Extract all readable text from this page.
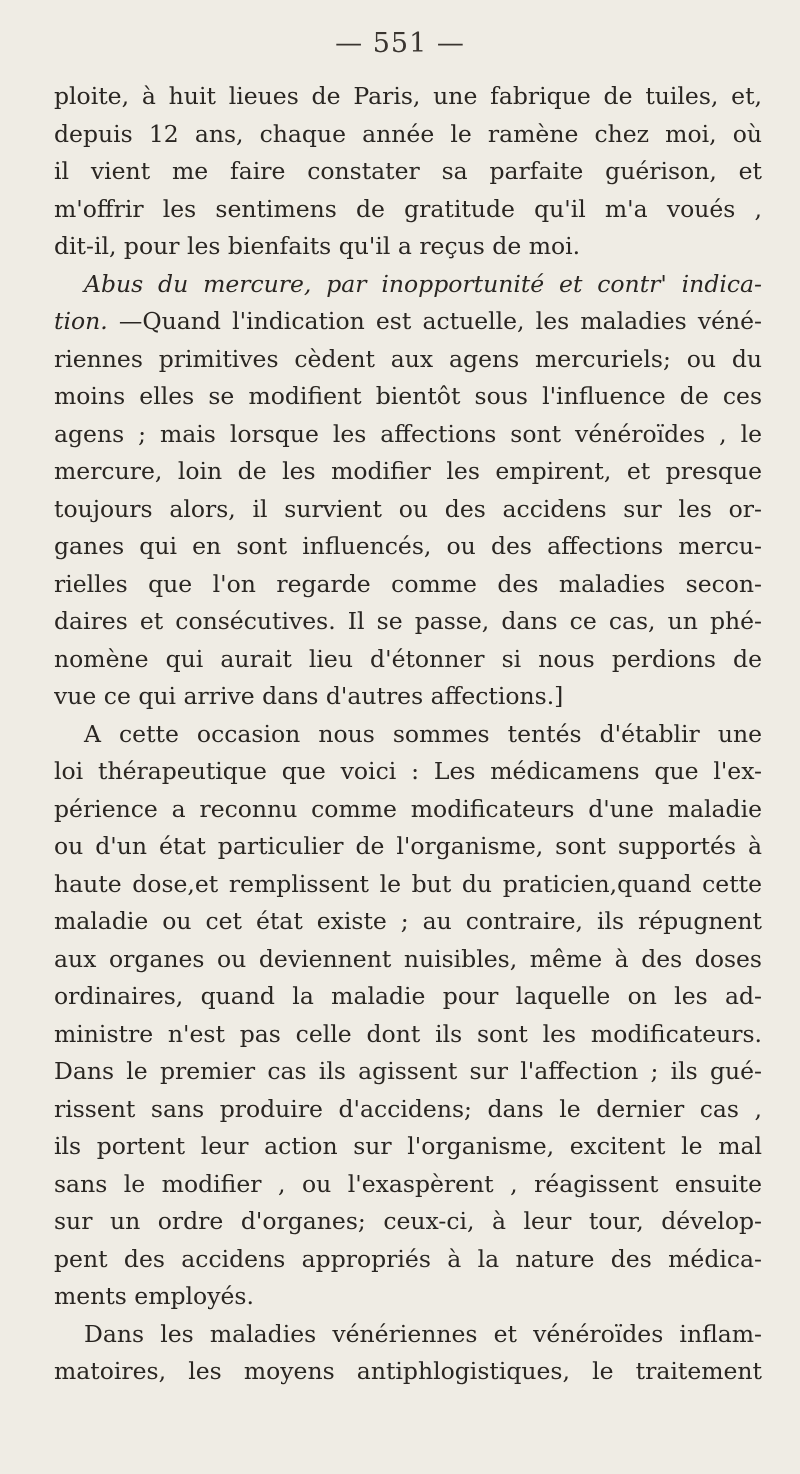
— 551 —
ploite, à huit lieues de Paris, une fabrique de tuiles, et,
depuis 12 ans, chaque année le ramène chez moi, où
il vient me faire constater sa parfaite guérison, et
m'offrir les sentimens de gratitude qu'il m'a voués ,
dit-il, pour les bienfaits qu'il a reçus de moi.
Abus du mercure, par inopportunité et contr' indica-
tion. —Quand l'indication est actuelle, les maladies véné-
riennes primitives cèdent aux agens mercuriels; ou du
moins elles se modifient bientôt sous l'influence de ces
agens ; mais lorsque les affections sont vénéroïdes , le
mercure, loin de les modifier les empirent, et presque
toujours alors, il survient ou des accidens sur les or-
ganes qui en sont influencés, ou des affections mercu-
rielles que l'on regarde comme des maladies secon-
daires et consécutives. Il se passe, dans ce cas, un phé-
nomène qui aurait lieu d'étonner si nous perdions de
vue ce qui arrive dans d'autres affections.]
A cette occasion nous sommes tentés d'établir une
loi thérapeutique que voici : Les médicamens que l'ex-
périence a reconnu comme modificateurs d'une maladie
ou d'un état particulier de l'organisme, sont supportés à
haute dose,et remplissent le but du praticien,quand cette
maladie ou cet état existe ; au contraire, ils répugnent
aux organes ou deviennent nuisibles, même à des doses
ordinaires, quand la maladie pour laquelle on les ad-
ministre n'est pas celle dont ils sont les modificateurs.
Dans le premier cas ils agissent sur l'affection ; ils gué-
rissent sans produire d'accidens; dans le dernier cas ,
ils portent leur action sur l'organisme, excitent le mal
sans le modifier , ou l'exaspèrent , réagissent ensuite
sur un ordre d'organes; ceux-ci, à leur tour, dévelop-
pent des accidens appropriés à la nature des médica-
ments employés.
Dans les maladies vénériennes et vénéroïdes inflam-
matoires, les moyens antiphlogistiques, le traitement
